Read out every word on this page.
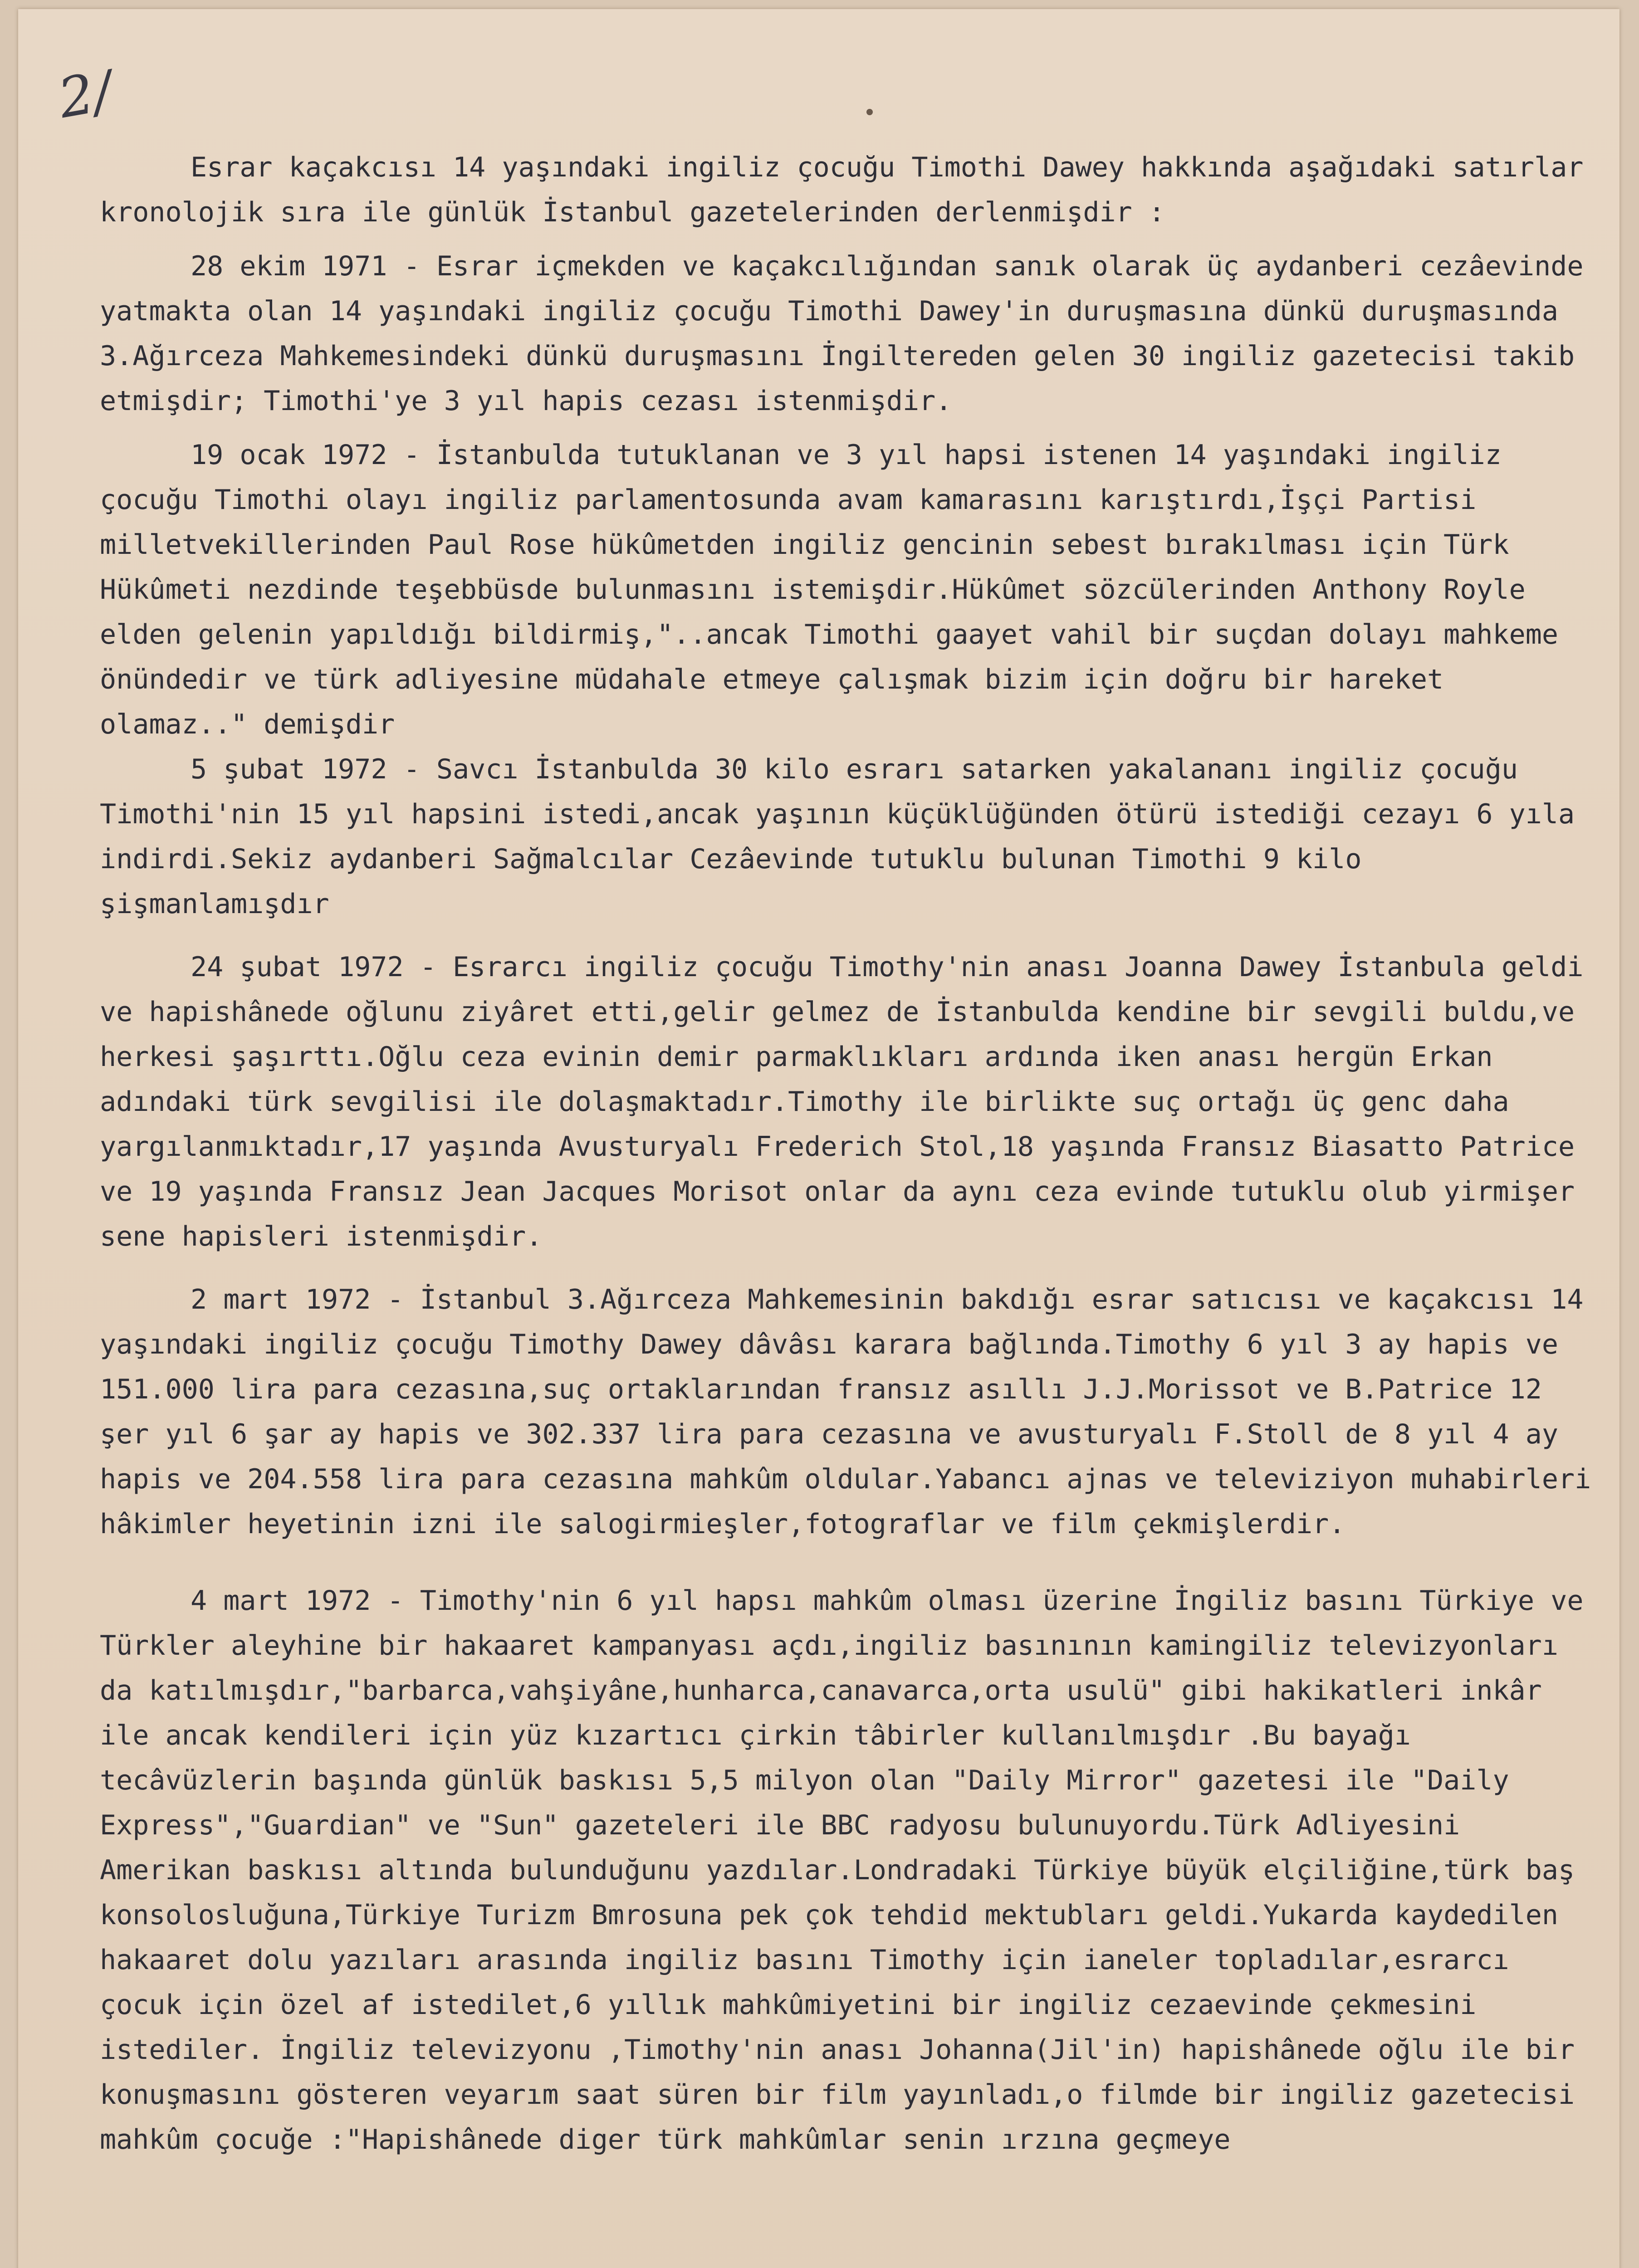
2/

Esrar kaçakcısı 14 yaşındaki ingiliz çocuğu Timothi Dawey hakkında aşağıdaki satırlar kronolojik sıra ile günlük İstanbul gazetelerinden derlenmişdir :

28 ekim 1971 - Esrar içmekden ve kaçakcılığından sanık olarak üç aydanberi cezâevinde yatmakta olan 14 yaşındaki ingiliz çocuğu Timothi Dawey'in duruşmasına dünkü duruşmasında 3.Ağırceza Mahkemesindeki dünkü duruşmasını İngiltereden gelen 30 ingiliz gazetecisi takib etmişdir; Timothi'ye 3 yıl hapis cezası istenmişdir.

19 ocak 1972 - İstanbulda tutuklanan ve 3 yıl hapsi istenen 14 yaşındaki ingiliz çocuğu Timothi olayı ingiliz parlamentosunda avam kamarasını karıştırdı,İşçi Partisi milletvekillerinden Paul Rose hükûmetden ingiliz gencinin sebest bırakılması için Türk Hükûmeti nezdinde teşebbüsde bulunmasını istemişdir.Hükûmet sözcülerinden Anthony Royle elden gelenin yapıldığı bildirmiş,"..ancak Timothi gaayet vahil bir suçdan dolayı mahkeme önündedir ve türk adliyesine müdahale etmeye çalışmak bizim için doğru bir hareket olamaz.." demişdir

5 şubat 1972 - Savcı İstanbulda 30 kilo esrarı satarken yakalananı ingiliz çocuğu Timothi'nin 15 yıl hapsini istedi,ancak yaşının küçüklüğünden ötürü istediği cezayı 6 yıla indirdi.Sekiz aydanberi Sağmalcılar Cezâevinde tutuklu bulunan Timothi 9 kilo şişmanlamışdır

24 şubat 1972 - Esrarcı ingiliz çocuğu Timothy'nin anası Joanna Dawey İstanbula geldi ve hapishânede oğlunu ziyâret etti,gelir gelmez de İstanbulda kendine bir sevgili buldu,ve herkesi şaşırttı.Oğlu ceza evinin demir parmaklıkları ardında iken anası hergün Erkan adındaki türk sevgilisi ile dolaşmaktadır.Timothy ile birlikte suç ortağı üç genc daha yargılanmıktadır,17 yaşında Avusturyalı Frederich Stol,18 yaşında Fransız Biasatto Patrice ve 19 yaşında Fransız Jean Jacques Morisot onlar da aynı ceza evinde tutuklu olub yirmişer sene hapisleri istenmişdir.

2 mart 1972 - İstanbul 3.Ağırceza Mahkemesinin bakdığı esrar satıcısı ve kaçakcısı 14 yaşındaki ingiliz çocuğu Timothy Dawey dâvâsı karara bağlında.Timothy 6 yıl 3 ay hapis ve 151.000 lira para cezasına,suç ortaklarından fransız asıllı J.J.Morissot ve B.Patrice 12 şer yıl 6 şar ay hapis ve 302.337 lira para cezasına ve avusturyalı F.Stoll de 8 yıl 4 ay hapis ve 204.558 lira para cezasına mahkûm oldular.Yabancı ajnas ve televiziyon muhabirleri hâkimler heyetinin izni ile salogirmieşler,fotograflar ve film çekmişlerdir.

4 mart 1972 - Timothy'nin 6 yıl hapsı mahkûm olması üzerine İngiliz basını Türkiye ve Türkler aleyhine bir hakaaret kampanyası açdı,ingiliz basınının kamingiliz televizyonları da katılmışdır,"barbarca,vahşiyâne,hunharca,canavarca,orta usulü" gibi hakikatleri inkâr ile ancak kendileri için yüz kızartıcı çirkin tâbirler kullanılmışdır .Bu bayağı tecâvüzlerin başında günlük baskısı 5,5 milyon olan "Daily Mirror" gazetesi ile "Daily Express","Guardian" ve "Sun" gazeteleri ile BBC radyosu bulunuyordu.Türk Adliyesini Amerikan baskısı altında bulunduğunu yazdılar.Londradaki Türkiye büyük elçiliğine,türk baş konsolosluğuna,Türkiye Turizm Bmrosuna pek çok tehdid mektubları geldi.Yukarda kaydedilen hakaaret dolu yazıları arasında ingiliz basını Timothy için ianeler topladılar,esrarcı çocuk için özel af istedilet,6 yıllık mahkûmiyetini bir ingiliz cezaevinde çekmesini istediler. İngiliz televizyonu ,Timothy'nin anası Johanna(Jil'in) hapishânede oğlu ile bir konuşmasını gösteren veyarım saat süren bir film yayınladı,o filmde bir ingiliz gazetecisi mahkûm çocuğe :"Hapishânede diger türk mahkûmlar senin ırzına geçmeye
